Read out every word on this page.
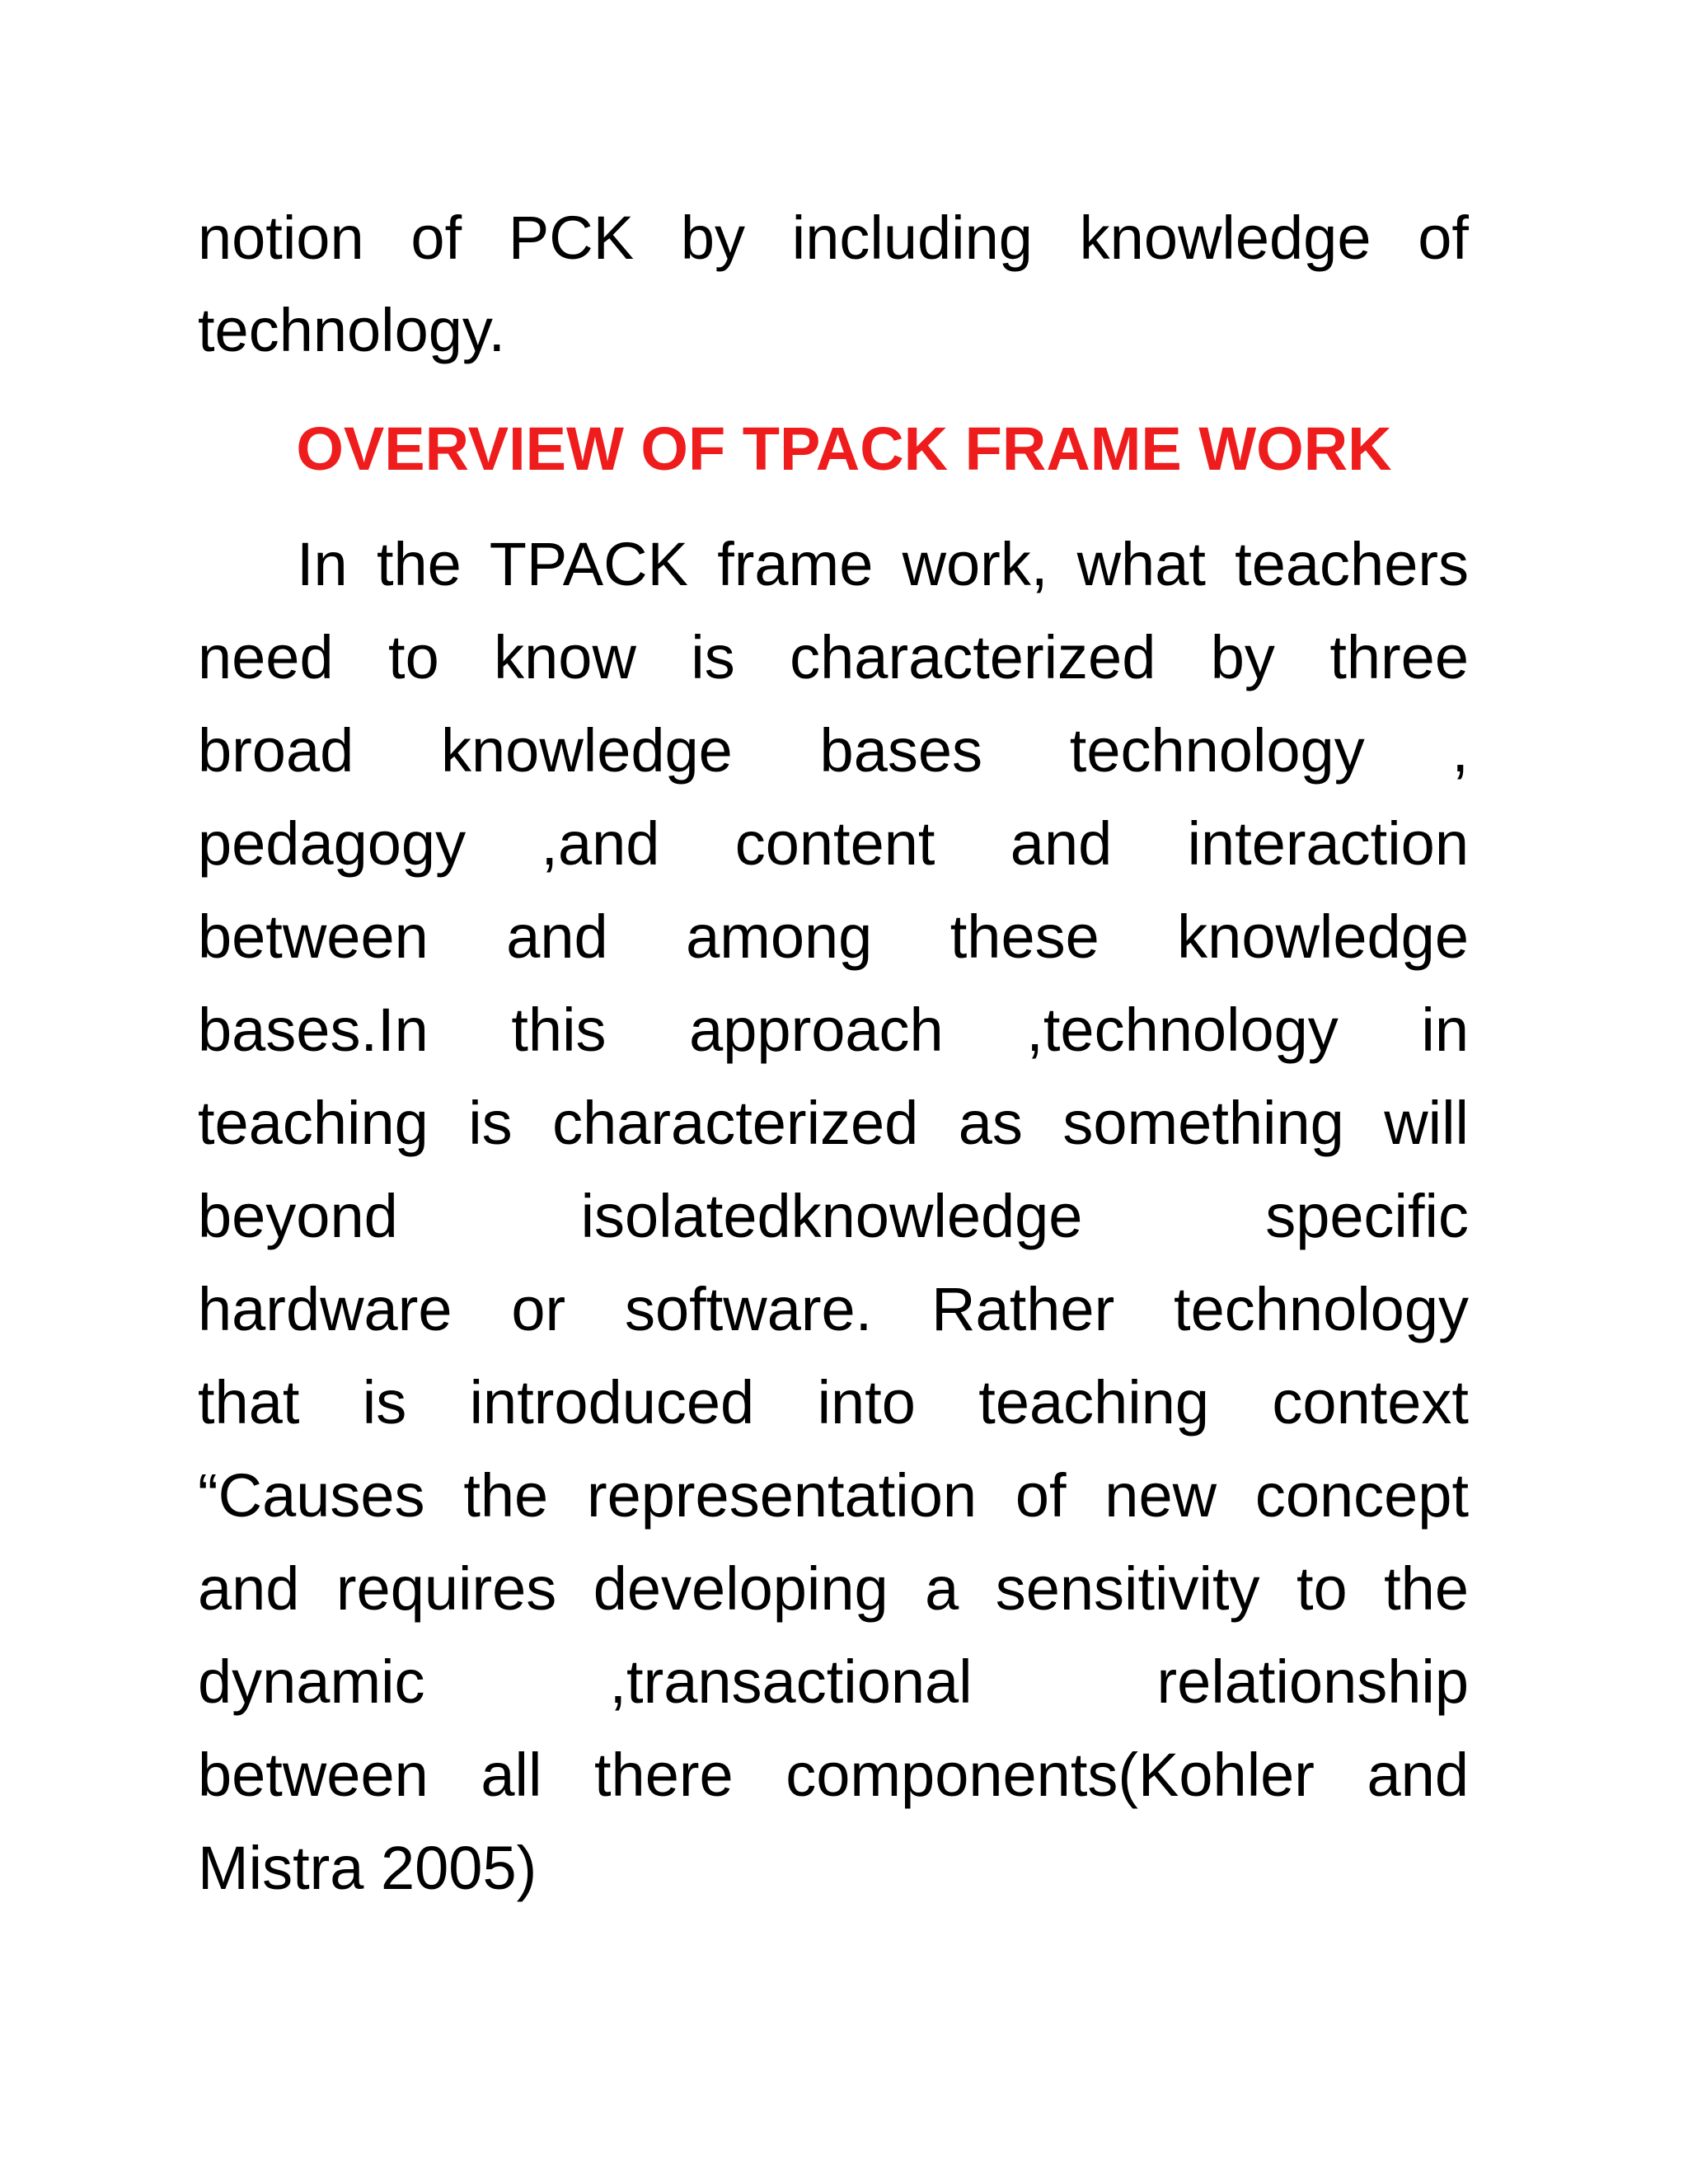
notion of PCK by including knowledge of
technology.
OVERVIEW OF TPACK FRAME WORK
In the TPACK frame work, what teachers
need to know is characterized by three
broad knowledge bases technology ,
pedagogy ,and content and interaction
between and among these knowledge
bases.In this approach ,technology in
teaching is characterized as something will
beyond isolatedknowledge specific
hardware or software. Rather technology
that is introduced into teaching context
“Causes the representation of new concept
and requires developing a sensitivity to the
dynamic ,transactional relationship
between all there components(Kohler and
Mistra 2005)
